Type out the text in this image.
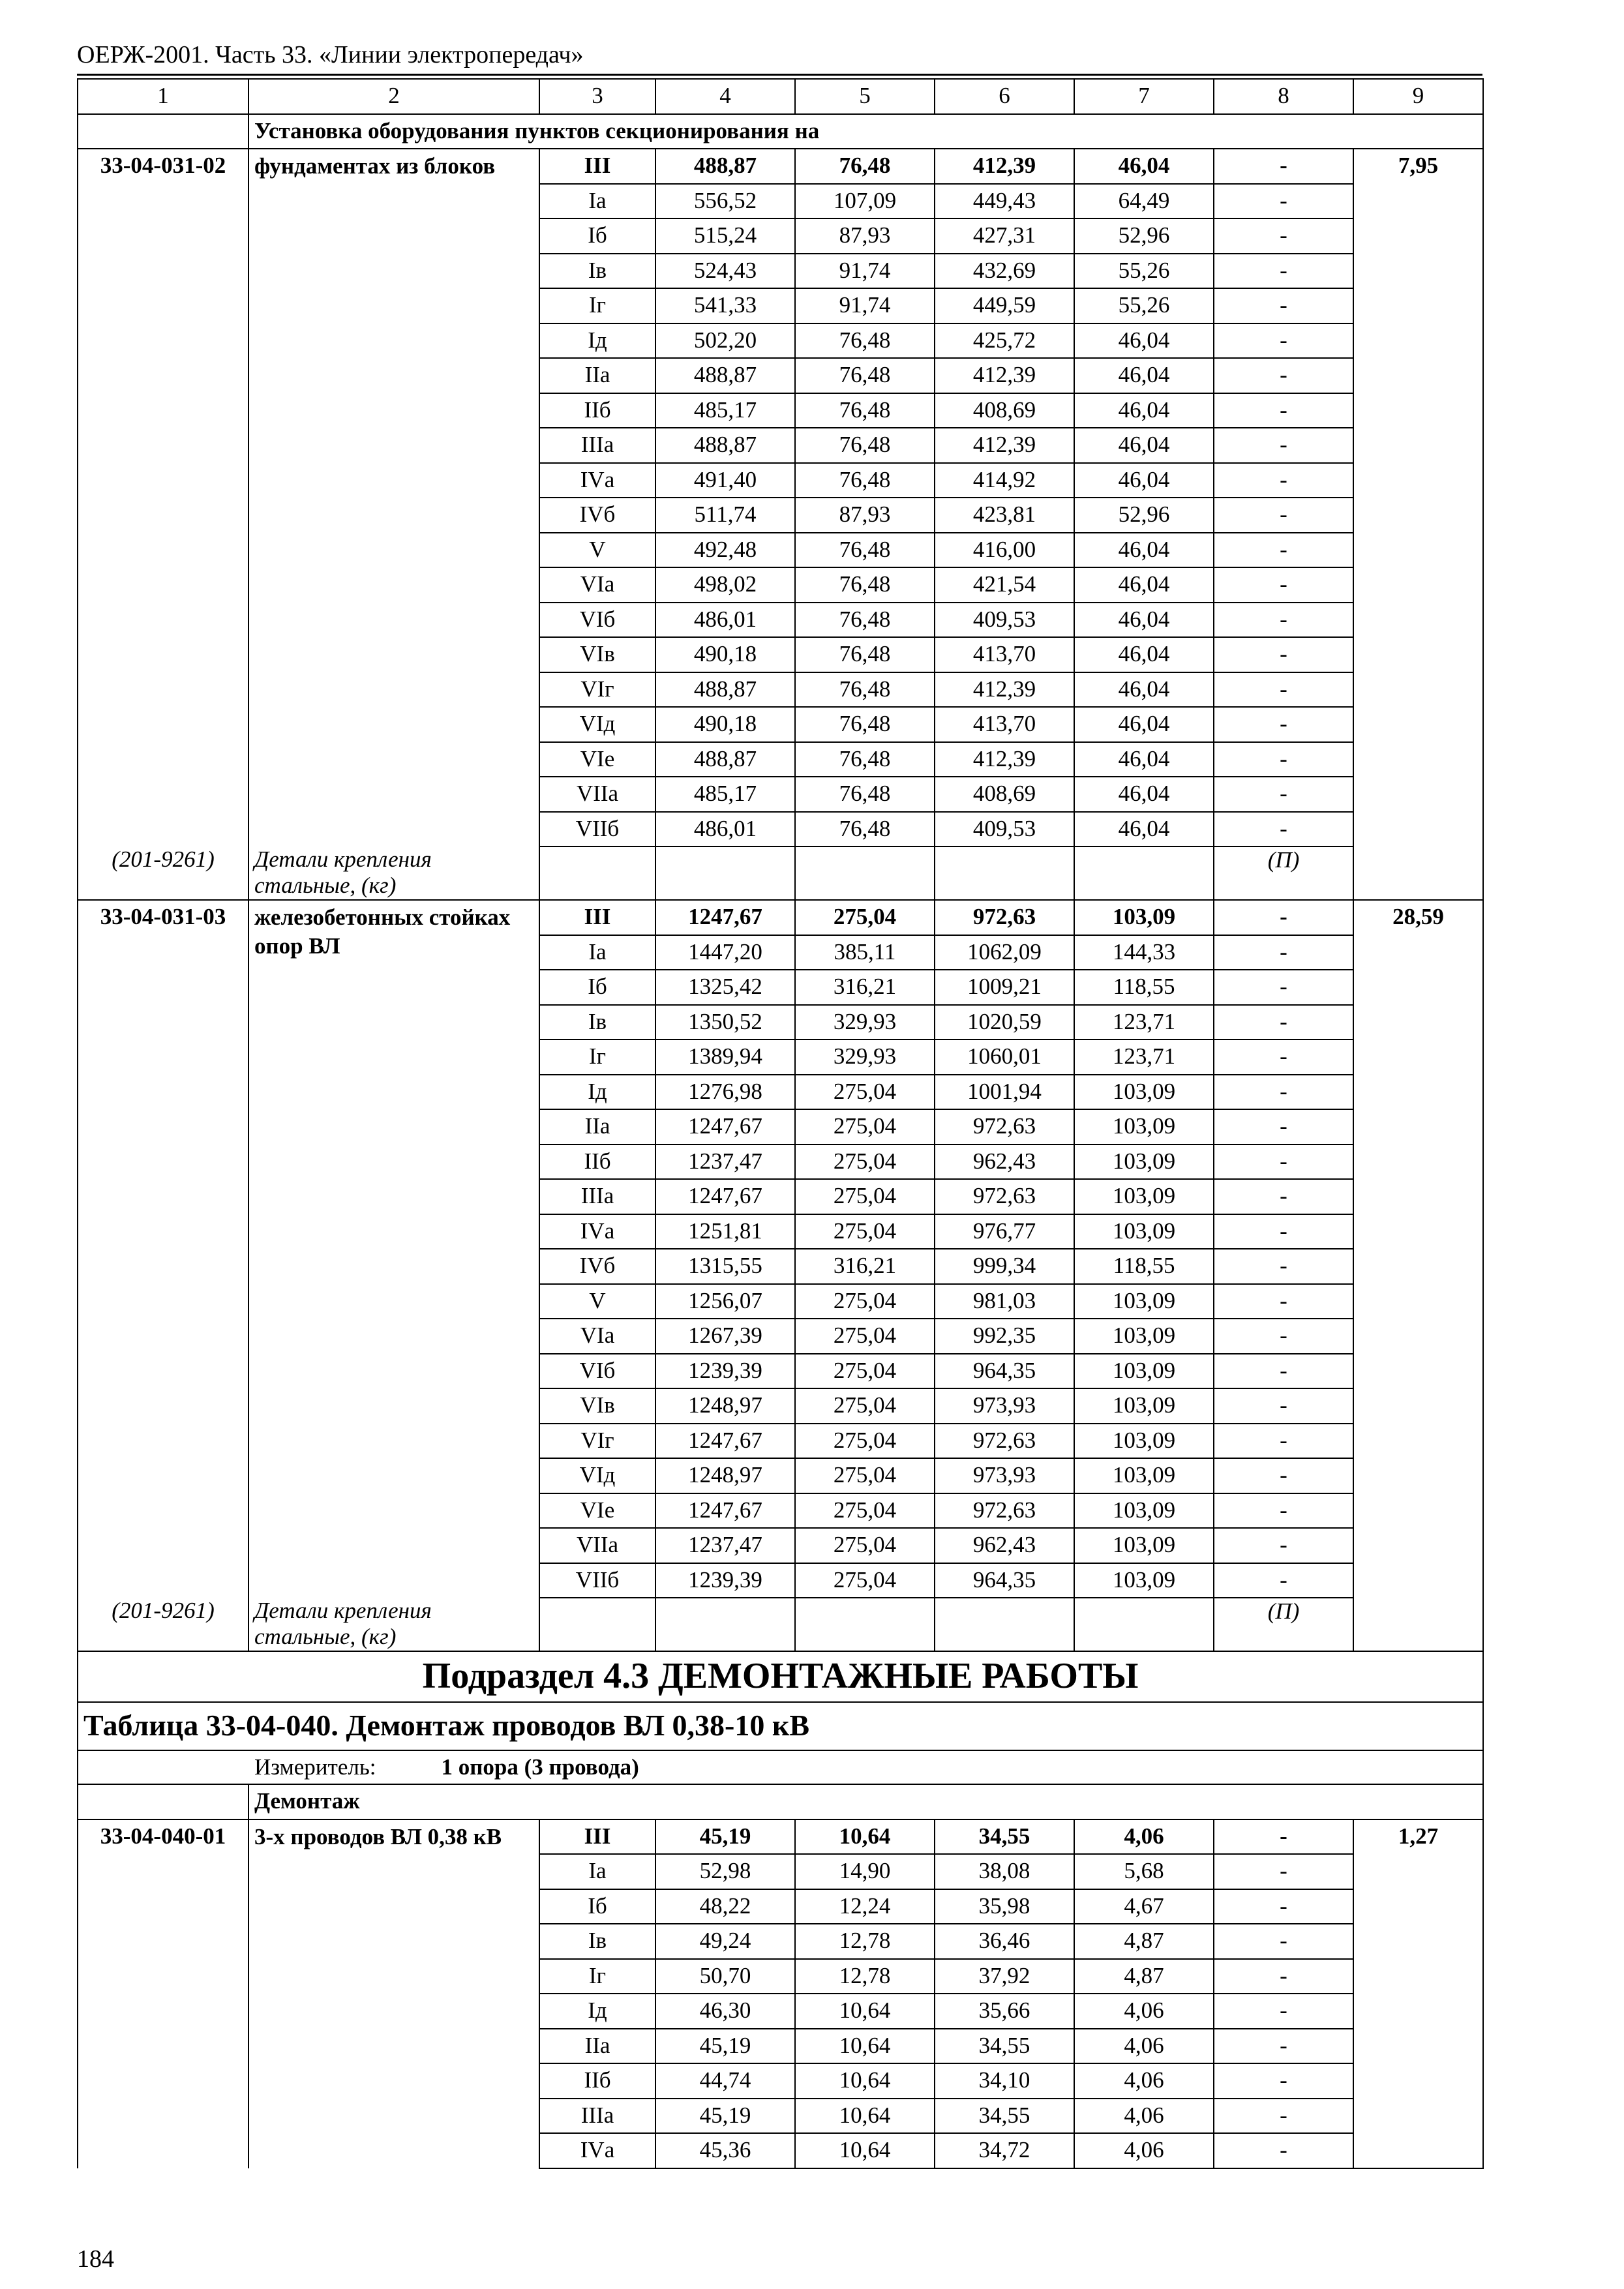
ОЕРЖ-2001. Часть 33. «Линии электропередач»
1	2	3	4	5	6	7	8	9
	Установка оборудования пунктов секционирования на							
33-04-031-02	фундаментах из блоков	III	488,87	76,48	412,39	46,04	-	7,95
		Iа	556,52	107,09	449,43	64,49	-	
		Iб	515,24	87,93	427,31	52,96	-	
		Iв	524,43	91,74	432,69	55,26	-	
		Iг	541,33	91,74	449,59	55,26	-	
		Iд	502,20	76,48	425,72	46,04	-	
		IIа	488,87	76,48	412,39	46,04	-	
		IIб	485,17	76,48	408,69	46,04	-	
		IIIа	488,87	76,48	412,39	46,04	-	
		IVа	491,40	76,48	414,92	46,04	-	
		IVб	511,74	87,93	423,81	52,96	-	
		V	492,48	76,48	416,00	46,04	-	
		VIа	498,02	76,48	421,54	46,04	-	
		VIб	486,01	76,48	409,53	46,04	-	
		VIв	490,18	76,48	413,70	46,04	-	
		VIг	488,87	76,48	412,39	46,04	-	
		VIд	490,18	76,48	413,70	46,04	-	
		VIе	488,87	76,48	412,39	46,04	-	
		VIIа	485,17	76,48	408,69	46,04	-	
		VIIб	486,01	76,48	409,53	46,04	-	
(201-9261)	Детали крепления стальные, (кг)						(П)	
33-04-031-03	железобетонных стойках опор ВЛ	III	1247,67	275,04	972,63	103,09	-	28,59
		Iа	1447,20	385,11	1062,09	144,33	-	
		Iб	1325,42	316,21	1009,21	118,55	-	
		Iв	1350,52	329,93	1020,59	123,71	-	
		Iг	1389,94	329,93	1060,01	123,71	-	
		Iд	1276,98	275,04	1001,94	103,09	-	
		IIа	1247,67	275,04	972,63	103,09	-	
		IIб	1237,47	275,04	962,43	103,09	-	
		IIIа	1247,67	275,04	972,63	103,09	-	
		IVа	1251,81	275,04	976,77	103,09	-	
		IVб	1315,55	316,21	999,34	118,55	-	
		V	1256,07	275,04	981,03	103,09	-	
		VIа	1267,39	275,04	992,35	103,09	-	
		VIб	1239,39	275,04	964,35	103,09	-	
		VIв	1248,97	275,04	973,93	103,09	-	
		VIг	1247,67	275,04	972,63	103,09	-	
		VIд	1248,97	275,04	973,93	103,09	-	
		VIе	1247,67	275,04	972,63	103,09	-	
		VIIа	1237,47	275,04	962,43	103,09	-	
		VIIб	1239,39	275,04	964,35	103,09	-	
(201-9261)	Детали крепления стальные, (кг)						(П)	
Подраздел 4.3 ДЕМОНТАЖНЫЕ РАБОТЫ								
Таблица 33-04-040. Демонтаж проводов ВЛ 0,38-10 кВ								
Измеритель: 1 опора (3 провода)								
	Демонтаж							
33-04-040-01	3-х проводов ВЛ 0,38 кВ	III	45,19	10,64	34,55	4,06	-	1,27
		Iа	52,98	14,90	38,08	5,68	-	
		Iб	48,22	12,24	35,98	4,67	-	
		Iв	49,24	12,78	36,46	4,87	-	
		Iг	50,70	12,78	37,92	4,87	-	
		Iд	46,30	10,64	35,66	4,06	-	
		IIа	45,19	10,64	34,55	4,06	-	
		IIб	44,74	10,64	34,10	4,06	-	
		IIIа	45,19	10,64	34,55	4,06	-	
		IVа	45,36	10,64	34,72	4,06	-	
184
